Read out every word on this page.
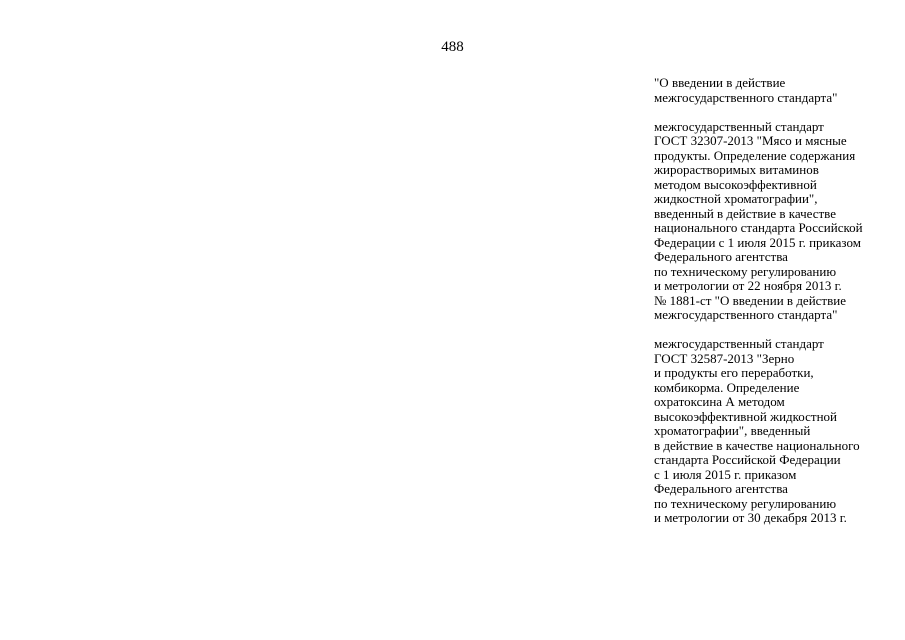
488

"О введении в действие
межгосударственного стандарта"

межгосударственный стандарт
ГОСТ 32307-2013 "Мясо и мясные
продукты. Определение содержания
жирорастворимых витаминов
методом высокоэффективной
жидкостной хроматографии",
введенный в действие в качестве
национального стандарта Российской
Федерации с 1 июля 2015 г. приказом
Федерального агентства
по техническому регулированию
и метрологии от 22 ноября 2013 г.
№ 1881-ст "О введении в действие
межгосударственного стандарта"

межгосударственный стандарт
ГОСТ 32587-2013 "Зерно
и продукты его переработки,
комбикорма. Определение
охратоксина А методом
высокоэффективной жидкостной
хроматографии", введенный
в действие в качестве национального
стандарта Российской Федерации
с 1 июля 2015 г. приказом
Федерального агентства
по техническому регулированию
и метрологии от 30 декабря 2013 г.
